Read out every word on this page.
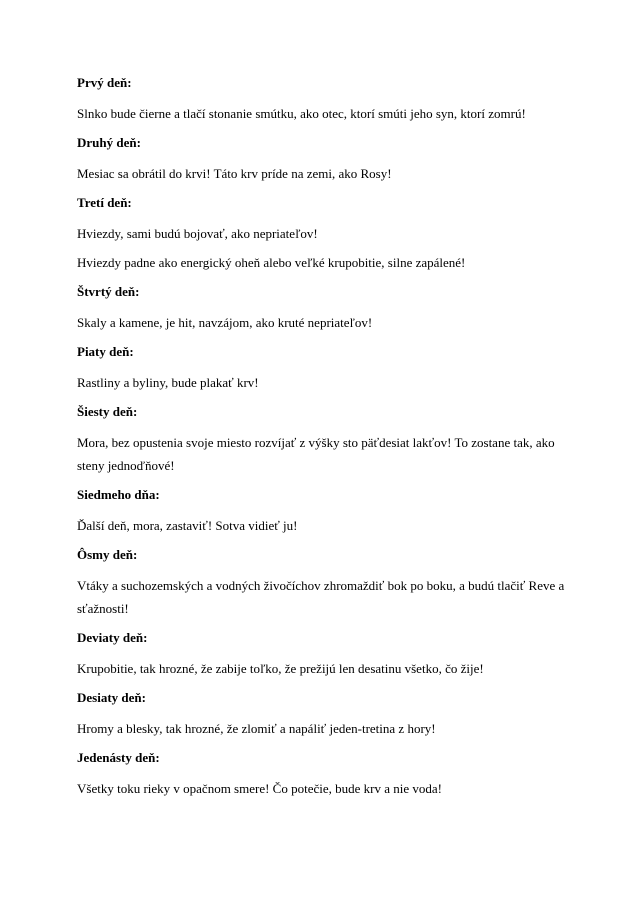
Prvý deň:

Slnko bude čierne a tlačí stonanie smútku, ako otec, ktorí smúti jeho syn, ktorí zomrú!

Druhý deň:

Mesiac sa obrátil do krvi! Táto krv príde na zemi, ako Rosy!

Tretí deň:

Hviezdy, sami budú bojovať, ako nepriateľov!

Hviezdy padne ako energický oheň alebo veľké krupobitie, silne zapálené!

Štvrtý deň:

Skaly a kamene, je hit, navzájom, ako kruté nepriateľov!

Piaty deň:

Rastliny a byliny, bude plakať krv!

Šiesty deň:

Mora, bez opustenia svoje miesto rozvíjať z výšky sto päťdesiat lakťov! To zostane tak, ako steny jednoďňové!

Siedmeho dňa:

Ďalší deň, mora, zastaviť! Sotva vidieť ju!

Ôsmy deň:

Vtáky a suchozemských a vodných živočíchov zhromaždiť bok po boku, a budú tlačiť Reve a sťažnosti!

Deviaty deň:

Krupobitie, tak hrozné, že zabije toľko, že prežijú len desatinu všetko, čo žije!

Desiaty deň:

Hromy a blesky, tak hrozné, že zlomiť a napáliť jeden-tretina z hory!

Jedenásty deň:

Všetky toku rieky v opačnom smere! Čo potečie, bude krv a nie voda!
